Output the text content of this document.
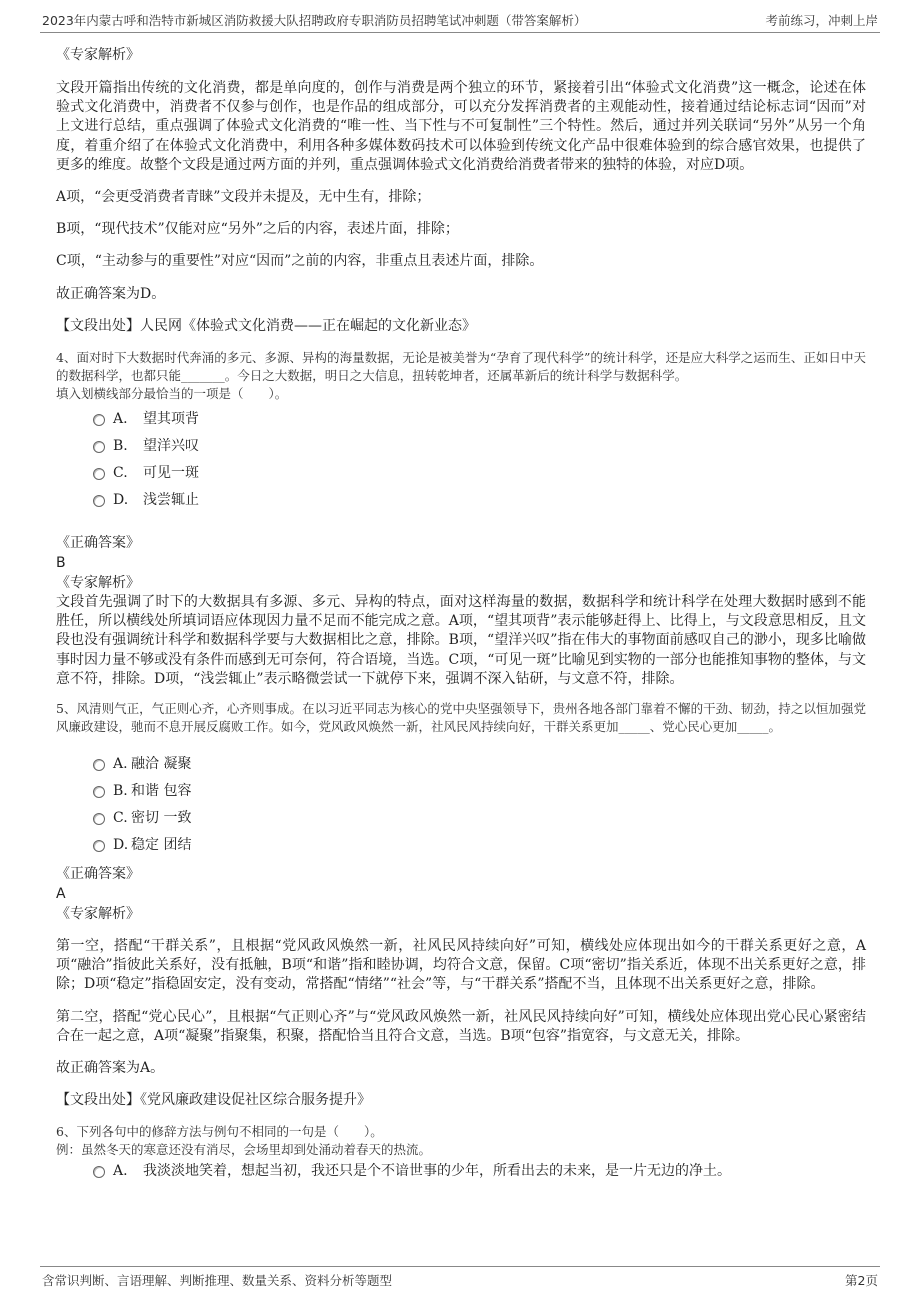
2023年内蒙古呼和浩特市新城区消防救援大队招聘政府专职消防员招聘笔试冲刺题（带答案解析）	考前练习，冲刺上岸

《专家解析》

文段开篇指出传统的文化消费，都是单向度的，创作与消费是两个独立的环节，紧接着引出“体验式文化消费”这一概念，论述在体验式文化消费中，消费者不仅参与创作，也是作品的组成部分，可以充分发挥消费者的主观能动性，接着通过结论标志词“因而”对上文进行总结，重点强调了体验式文化消费的“唯一性、当下性与不可复制性”三个特性。然后，通过并列关联词“另外”从另一个角度，着重介绍了在体验式文化消费中，利用各种多媒体数码技术可以体验到传统文化产品中很难体验到的综合感官效果，也提供了更多的维度。故整个文段是通过两方面的并列，重点强调体验式文化消费给消费者带来的独特的体验，对应D项。

A项，“会更受消费者青睐”文段并未提及，无中生有，排除；

B项，“现代技术”仅能对应“另外”之后的内容，表述片面，排除；

C项，“主动参与的重要性”对应“因而”之前的内容，非重点且表述片面，排除。

故正确答案为D。

【文段出处】人民网《体验式文化消费——正在崛起的文化新业态》

4、面对时下大数据时代奔涌的多元、多源、异构的海量数据，无论是被美誉为“孕育了现代科学”的统计科学，还是应大科学之运而生、正如日中天的数据科学，也都只能_______。今日之大数据，明日之大信息，扭转乾坤者，还属革新后的统计科学与数据科学。

填入划横线部分最恰当的一项是（　　）。

A. 望其项背
B. 望洋兴叹
C. 可见一斑
D. 浅尝辄止

《正确答案》

B

《专家解析》

文段首先强调了时下的大数据具有多源、多元、异构的特点，面对这样海量的数据，数据科学和统计科学在处理大数据时感到不能胜任，所以横线处所填词语应体现因力量不足而不能完成之意。A项，“望其项背”表示能够赶得上、比得上，与文段意思相反，且文段也没有强调统计科学和数据科学要与大数据相比之意，排除。B项，“望洋兴叹”指在伟大的事物面前感叹自己的渺小，现多比喻做事时因力量不够或没有条件而感到无可奈何，符合语境，当选。C项，“可见一斑”比喻见到实物的一部分也能推知事物的整体，与文意不符，排除。D项，“浅尝辄止”表示略微尝试一下就停下来，强调不深入钻研，与文意不符，排除。

5、风清则气正，气正则心齐，心齐则事成。在以习近平同志为核心的党中央坚强领导下，贵州各地各部门靠着不懈的干劲、韧劲，持之以恒加强党风廉政建设，驰而不息开展反腐败工作。如今，党风政风焕然一新，社风民风持续向好，干群关系更加_____、党心民心更加_____。

A. 融洽 凝聚
B. 和谐 包容
C. 密切 一致
D. 稳定 团结

《正确答案》

A

《专家解析》

第一空，搭配“干群关系”，且根据“党风政风焕然一新，社风民风持续向好”可知，横线处应体现出如今的干群关系更好之意，A项“融洽”指彼此关系好，没有抵触，B项“和谐”指和睦协调，均符合文意，保留。C项“密切”指关系近，体现不出关系更好之意，排除；D项“稳定”指稳固安定，没有变动，常搭配“情绪”“社会”等，与“干群关系”搭配不当，且体现不出关系更好之意，排除。

第二空，搭配“党心民心”，且根据“气正则心齐”与“党风政风焕然一新，社风民风持续向好”可知，横线处应体现出党心民心紧密结合在一起之意，A项“凝聚”指聚集，积聚，搭配恰当且符合文意，当选。B项“包容”指宽容，与文意无关，排除。

故正确答案为A。

【文段出处】《党风廉政建设促社区综合服务提升》

6、下列各句中的修辞方法与例句不相同的一句是（　　）。

例：虽然冬天的寒意还没有消尽，会场里却到处涌动着春天的热流。

A. 我淡淡地笑着，想起当初，我还只是个不谙世事的少年，所看出去的未来，是一片无边的净土。
含常识判断、言语理解、判断推理、数量关系、资料分析等题型	第2页
